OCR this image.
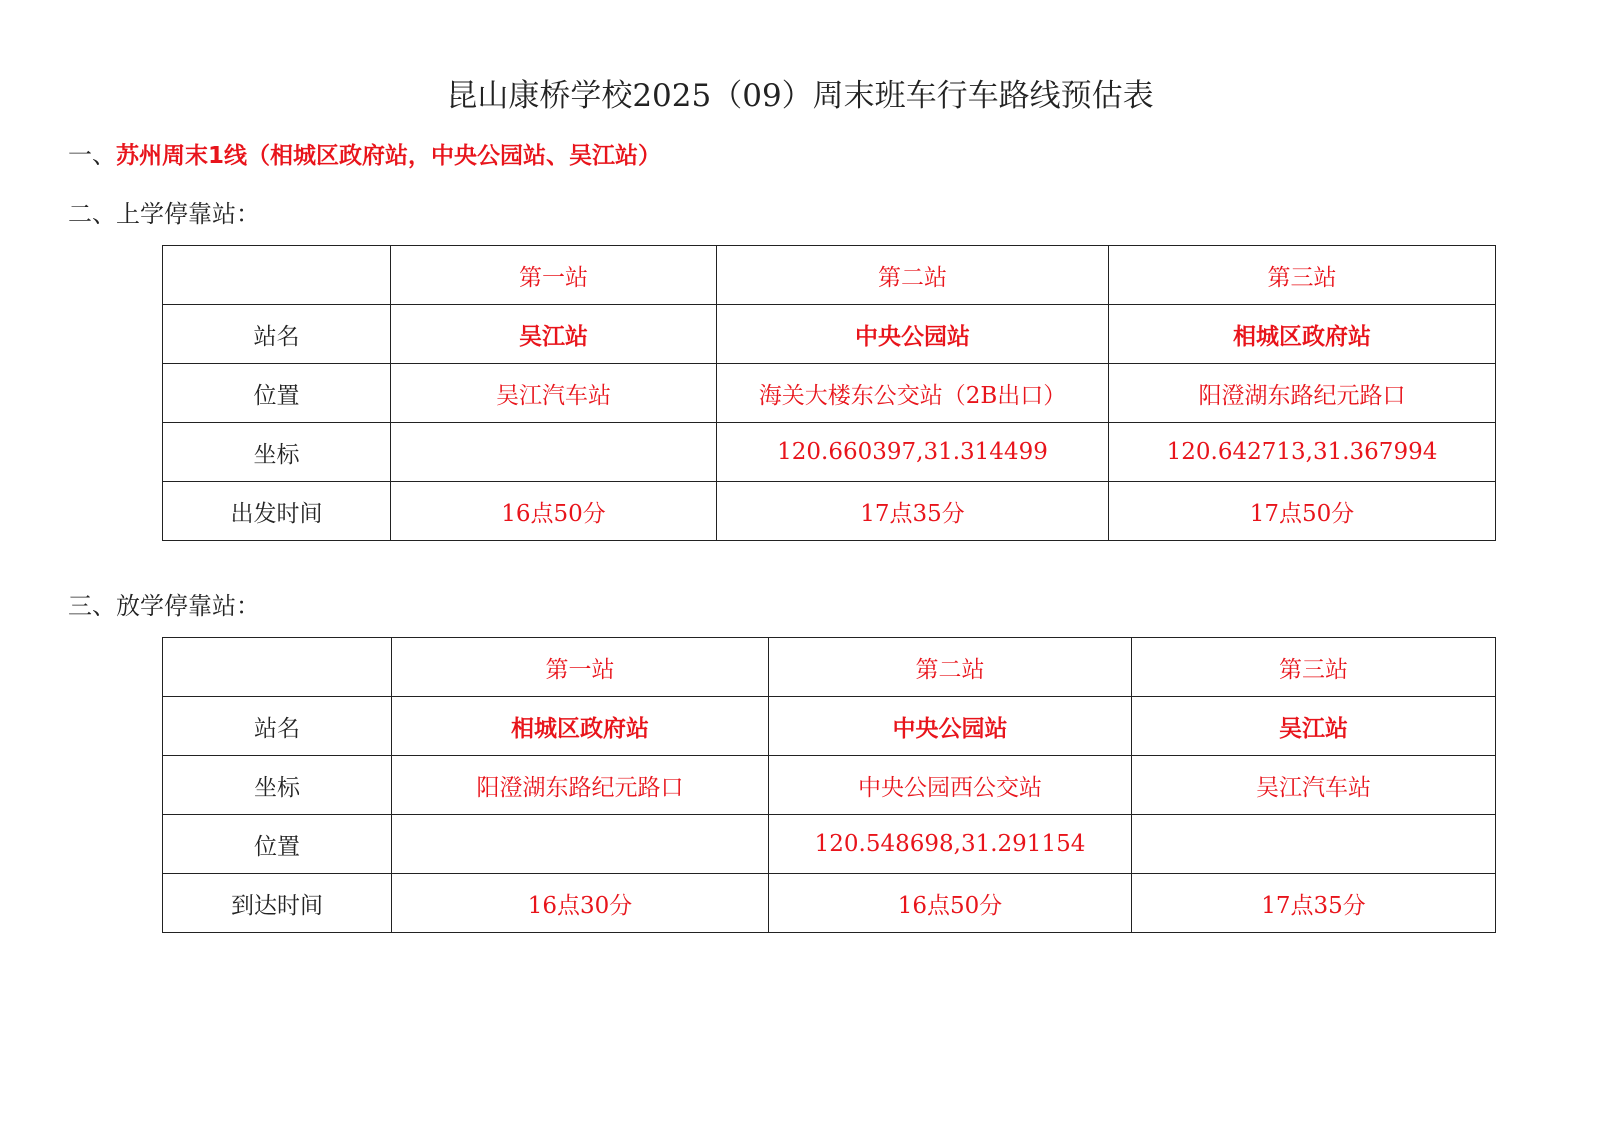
昆山康桥学校2025（09）周末班车行车路线预估表
一、苏州周末1线（相城区政府站，中央公园站、吴江站）
二、上学停靠站：
	第一站	第二站	第三站
站名	吴江站	中央公园站	相城区政府站
位置	吴江汽车站	海关大楼东公交站（2B出口）	阳澄湖东路纪元路口
坐标		120.660397,31.314499	120.642713,31.367994
出发时间	16点50分	17点35分	17点50分
三、放学停靠站：
	第一站	第二站	第三站
站名	相城区政府站	中央公园站	吴江站
坐标	阳澄湖东路纪元路口	中央公园西公交站	吴江汽车站
位置		120.548698,31.291154	
到达时间	16点30分	16点50分	17点35分
